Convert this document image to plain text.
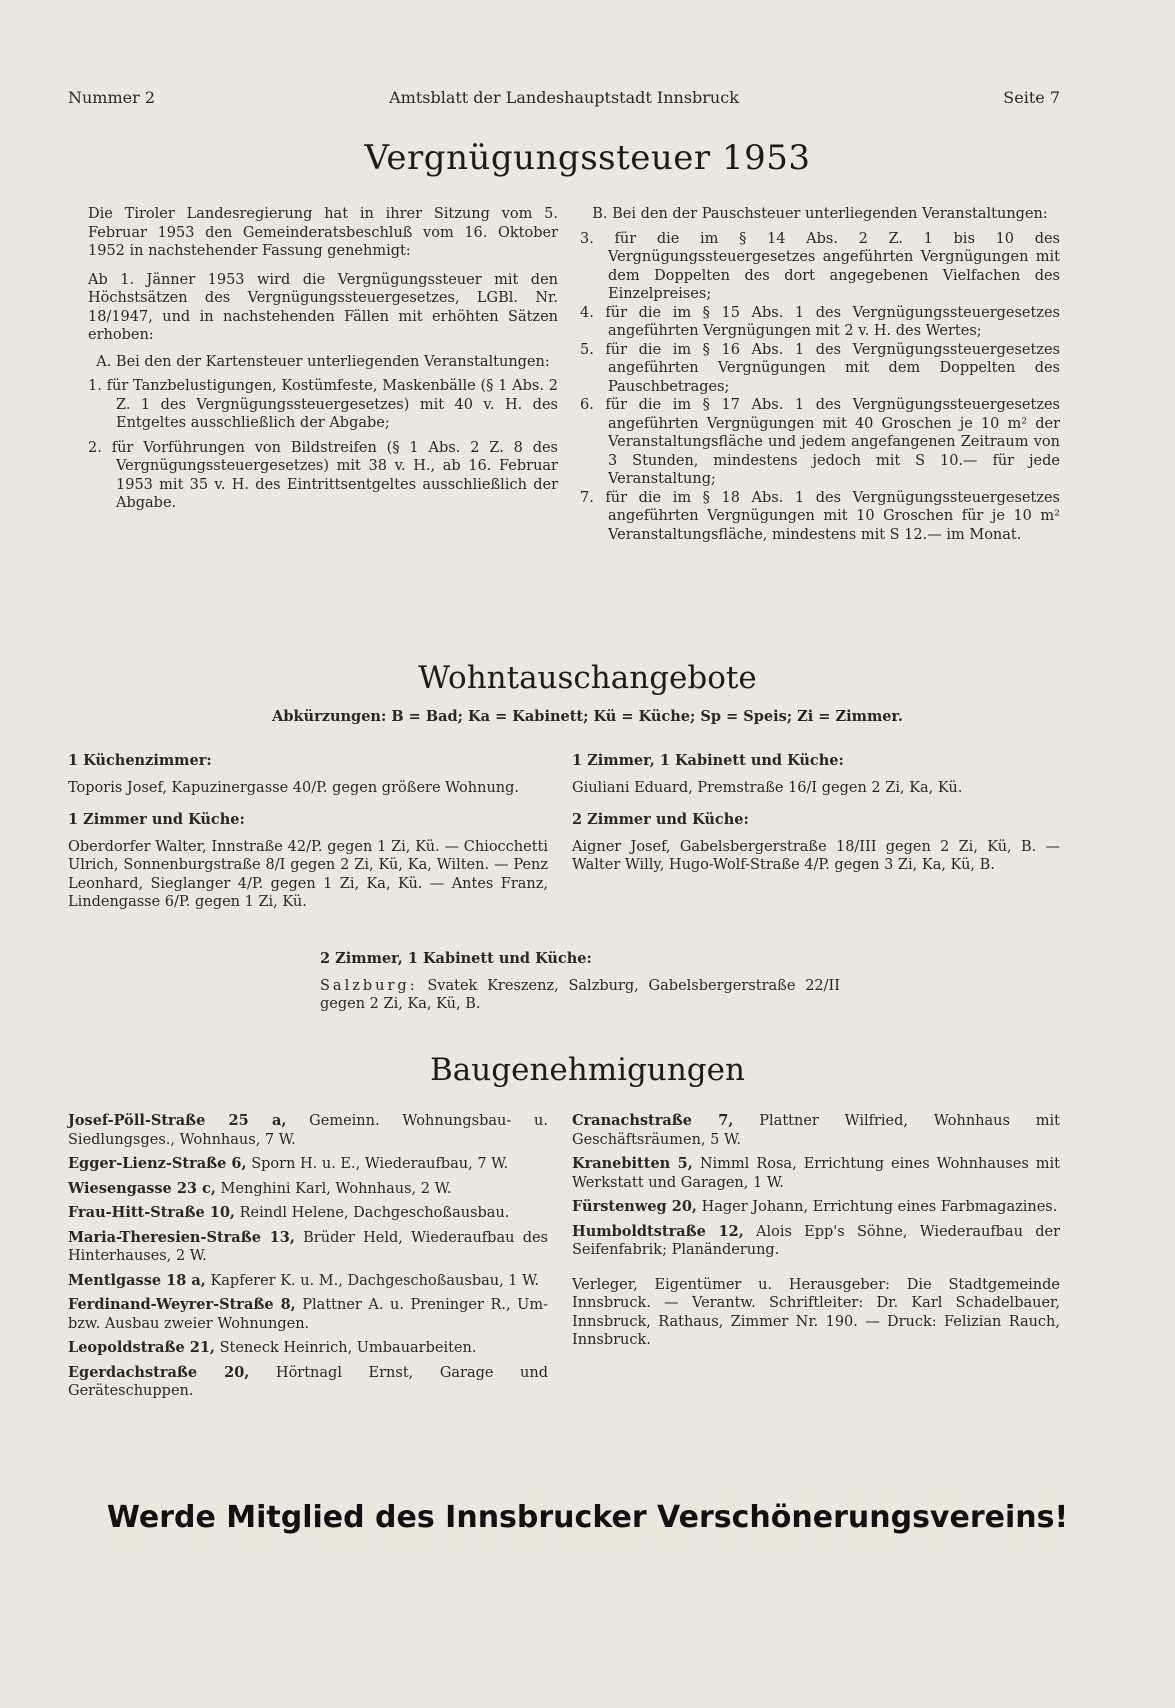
Nummer 2	Amtsblatt der Landeshauptstadt Innsbruck	Seite 7
Vergnügungssteuer 1953

Die Tiroler Landesregierung hat in ihrer Sitzung vom 5. Februar 1953 den Gemeinderatsbeschluß vom 16. Oktober 1952 in nachstehender Fassung genehmigt:

Ab 1. Jänner 1953 wird die Vergnügungssteuer mit den Höchstsätzen des Vergnügungssteuergesetzes, LGBl. Nr. 18/1947, und in nachstehenden Fällen mit erhöhten Sätzen erhoben:

A. Bei den der Kartensteuer unterliegenden Veranstaltungen:

1. für Tanzbelustigungen, Kostümfeste, Maskenbälle (§ 1 Abs. 2 Z. 1 des Vergnügungssteuergesetzes) mit 40 v. H. des Entgeltes ausschließlich der Abgabe;

2. für Vorführungen von Bildstreifen (§ 1 Abs. 2 Z. 8 des Vergnügungssteuergesetzes) mit 38 v. H., ab 16. Februar 1953 mit 35 v. H. des Eintrittsentgeltes ausschließlich der Abgabe.

B. Bei den der Pauschsteuer unterliegenden Veranstaltungen:

3. für die im § 14 Abs. 2 Z. 1 bis 10 des Vergnügungssteuergesetzes angeführten Vergnügungen mit dem Doppelten des dort angegebenen Vielfachen des Einzelpreises;

4. für die im § 15 Abs. 1 des Vergnügungssteuergesetzes angeführten Vergnügungen mit 2 v. H. des Wertes;

5. für die im § 16 Abs. 1 des Vergnügungssteuergesetzes angeführten Vergnügungen mit dem Doppelten des Pauschbetrages;

6. für die im § 17 Abs. 1 des Vergnügungssteuergesetzes angeführten Vergnügungen mit 40 Groschen je 10 m² der Veranstaltungsfläche und jedem angefangenen Zeitraum von 3 Stunden, mindestens jedoch mit S 10.— für jede Veranstaltung;

7. für die im § 18 Abs. 1 des Vergnügungssteuergesetzes angeführten Vergnügungen mit 10 Groschen für je 10 m² Veranstaltungsfläche, mindestens mit S 12.— im Monat.

Wohntauschangebote
Abkürzungen: B = Bad; Ka = Kabinett; Kü = Küche; Sp = Speis; Zi = Zimmer.

1 Küchenzimmer:

Toporis Josef, Kapuzinergasse 40/P. gegen größere Wohnung.

1 Zimmer und Küche:

Oberdorfer Walter, Innstraße 42/P. gegen 1 Zi, Kü. — Chiocchetti Ulrich, Sonnenburgstraße 8/I gegen 2 Zi, Kü, Ka, Wilten. — Penz Leonhard, Sieglanger 4/P. gegen 1 Zi, Ka, Kü. — Antes Franz, Lindengasse 6/P. gegen 1 Zi, Kü.

1 Zimmer, 1 Kabinett und Küche:

Giuliani Eduard, Premstraße 16/I gegen 2 Zi, Ka, Kü.

2 Zimmer und Küche:

Aigner Josef, Gabelsbergerstraße 18/III gegen 2 Zi, Kü, B. — Walter Willy, Hugo-Wolf-Straße 4/P. gegen 3 Zi, Ka, Kü, B.

2 Zimmer, 1 Kabinett und Küche:

Salzburg: Svatek Kreszenz, Salzburg, Gabelsbergerstraße 22/II gegen 2 Zi, Ka, Kü, B.

Baugenehmigungen

Josef-Pöll-Straße 25 a, Gemeinn. Wohnungsbau- u. Siedlungsges., Wohnhaus, 7 W.

Egger-Lienz-Straße 6, Sporn H. u. E., Wiederaufbau, 7 W.

Wiesengasse 23 c, Menghini Karl, Wohnhaus, 2 W.

Frau-Hitt-Straße 10, Reindl Helene, Dachgeschoßausbau.

Maria-Theresien-Straße 13, Brüder Held, Wiederaufbau des Hinterhauses, 2 W.

Mentlgasse 18 a, Kapferer K. u. M., Dachgeschoßausbau, 1 W.

Ferdinand-Weyrer-Straße 8, Plattner A. u. Preninger R., Um- bzw. Ausbau zweier Wohnungen.

Leopoldstraße 21, Steneck Heinrich, Umbauarbeiten.

Egerdachstraße 20, Hörtnagl Ernst, Garage und Geräteschuppen.

Cranachstraße 7, Plattner Wilfried, Wohnhaus mit Geschäftsräumen, 5 W.

Kranebitten 5, Nimml Rosa, Errichtung eines Wohnhauses mit Werkstatt und Garagen, 1 W.

Fürstenweg 20, Hager Johann, Errichtung eines Farbmagazines.

Humboldtstraße 12, Alois Epp's Söhne, Wiederaufbau der Seifenfabrik; Planänderung.

Verleger, Eigentümer u. Herausgeber: Die Stadtgemeinde Innsbruck. — Verantw. Schriftleiter: Dr. Karl Schadelbauer, Innsbruck, Rathaus, Zimmer Nr. 190. — Druck: Felizian Rauch, Innsbruck.

Werde Mitglied des Innsbrucker Verschönerungsvereins!
